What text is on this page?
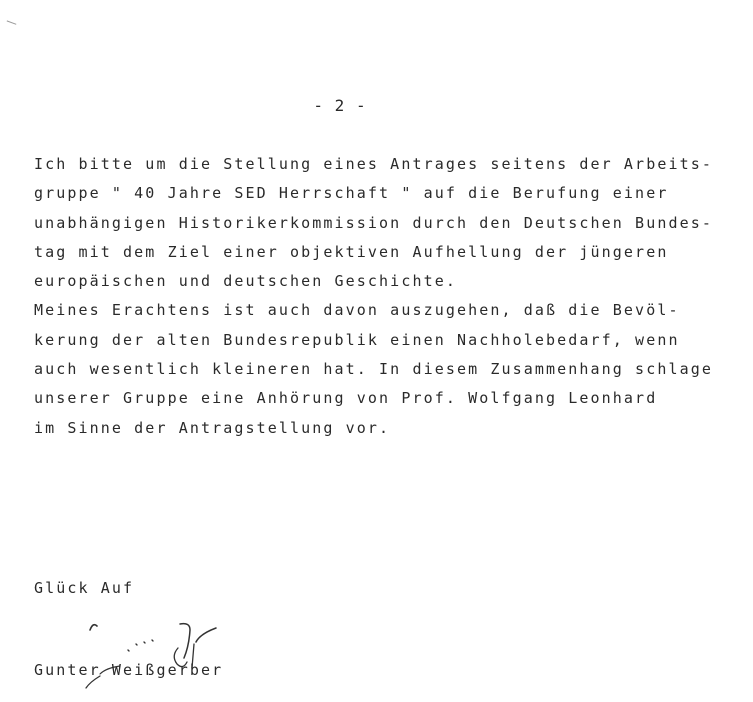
- 2 -
Ich bitte um die Stellung eines Antrages seitens der Arbeits-
gruppe " 40 Jahre SED Herrschaft " auf die Berufung einer
unabhängigen Historikerkommission durch den Deutschen Bundes-
tag mit dem Ziel einer objektiven Aufhellung der jüngeren
europäischen und deutschen Geschichte.
Meines Erachtens ist auch davon auszugehen, daß die Bevöl-
kerung der alten Bundesrepublik einen Nachholebedarf, wenn
auch wesentlich kleineren hat. In diesem Zusammenhang schlage
unserer Gruppe eine Anhörung von Prof. Wolfgang Leonhard
im Sinne der Antragstellung vor.
Glück Auf
Gunter Weißgerber
